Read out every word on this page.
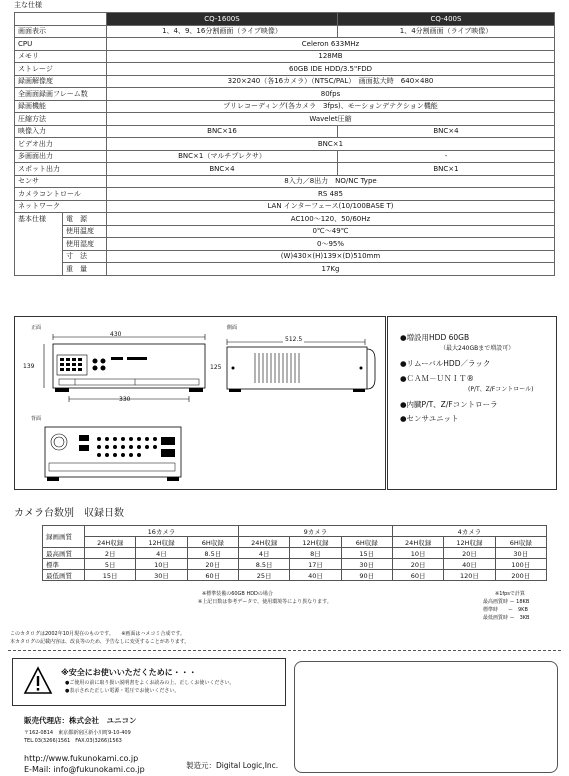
主な仕様
		CQ-1600S	CQ-400S
画面表示		1、4、9、16分割画面（ライブ映像）	1、4分割画面（ライブ映像）
CPU		Celeron 633MHz	
メモリ		128MB	
ストレージ		60GB IDE HDD/3.5"FDD	
録画解像度		320×240（各16カメラ）（NTSC/PAL）　画面拡大時　640×480	
全画面録画フレーム数		80fps	
録画機能		プリレコーディング(各カメラ　3fps)、モーションデテクション機能	
圧縮方法		Wavelet圧縮	
映像入力		BNC×16	BNC×4
ビデオ出力		BNC×1	
多画面出力		BNC×1（マルチプレクサ）	-
スポット出力		BNC×4	BNC×1
センサ		8入力／8出力　NO/NC Type	
カメラコントロール		RS 485	
ネットワーク		LAN インターフェース(10/100BASE T)	
基本仕様	電　源	AC100〜120、50/60Hz	
	使用温度	0℃〜49℃	
	使用湿度	0〜95%	
	寸　法	(W)430×(H)139×(D)510mm	
	重　量	17Kg	
正面
430
139
330
側面
512.5
125
背面
●増設用HDD 60GB
（最大240GBまで増設可）
●リムーバルHDD／ラック
●ＣＡＭ－ＵＮＩＴ®
(P/T、Z/Fコントロール)
●内臓P/T、Z/Fコントローラ
●センサユニット
カメラ台数別　収録日数
録画画質	16カメラ			9カメラ			4カメラ		
	24H収録	12H収録	6H収録	24H収録	12H収録	6H収録	24H収録	12H収録	6H収録
最高画質	2日	4日	8.5日	4日	8日	15日	10日	20日	30日
標準	5日	10日	20日	8.5日	17日	30日	20日	40日	100日
最低画質	15日	30日	60日	25日	40日	90日	60日	120日	200日
※標準装備の60GB HDDの場合
※上記日数は参考データで、使用環境等により異なります。
※1fpsで計算
最高画質時 ー 18KB
標準時　　ー　9KB
最低画質時 ー　3KB
このカタログは2002年10月現在のものです。　　※画面はハメコミ合成です。
本カタログの記載内容は、改良等のため、予告なしに変更することがあります。
※安全にお使いいただくために・・・
●ご使用の前に取り扱い説明書をよくお読みの上、正しくお使いください。
●表示された正しい電源・電圧でお使いください。
販売代理店：株式会社　ユニコン
〒162-0814　東京都新宿区新小川町9-10-409
TEL.03(3266)1561　FAX.03(3266)1563
http://www.fukunokami.co.jp
E-Mail: info@fukunokami.co.jp	製造元：Digital Logic,Inc.
